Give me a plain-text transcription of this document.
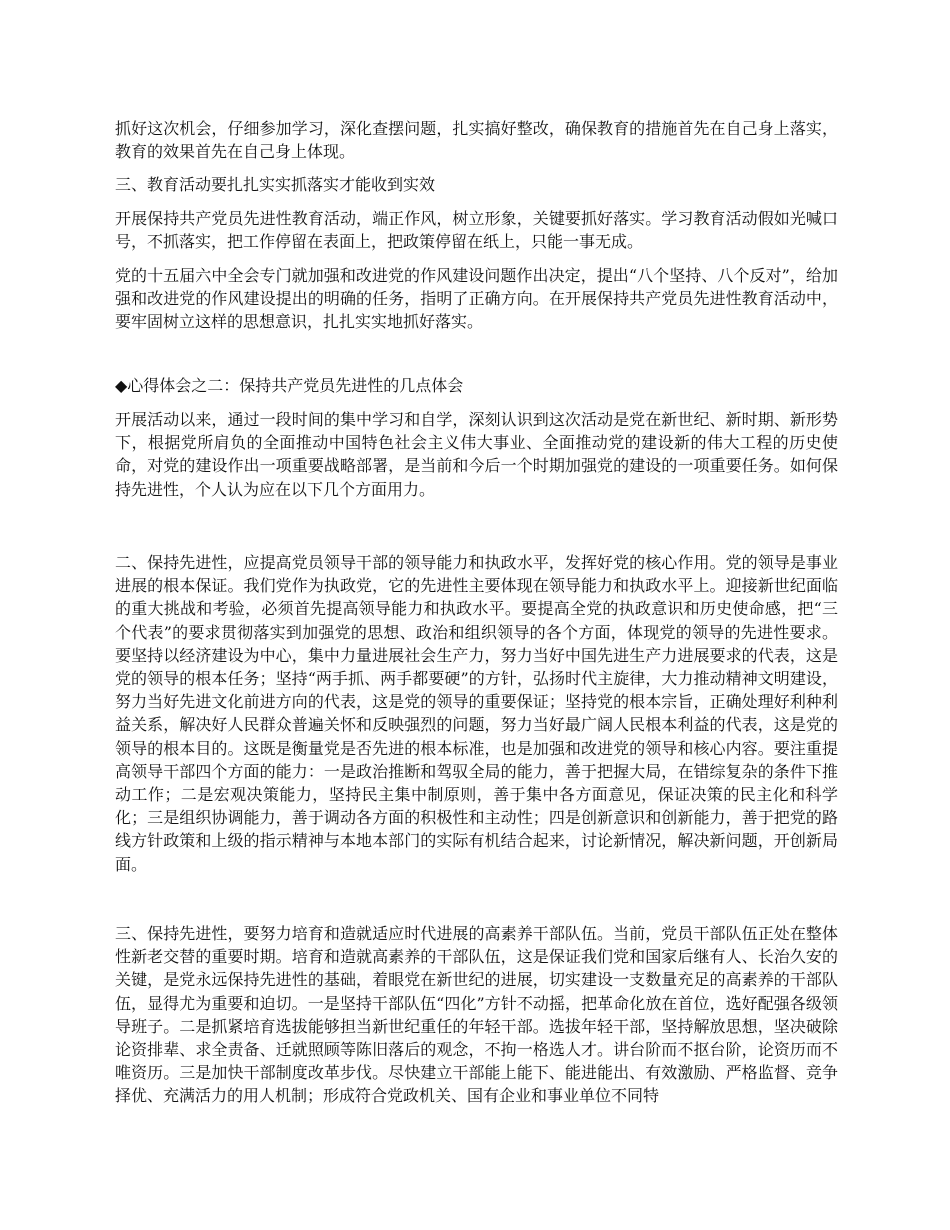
抓好这次机会，仔细参加学习，深化查摆问题，扎实搞好整改，确保教育的措施首先在自己身上落实，教育的效果首先在自己身上体现。

三、教育活动要扎扎实实抓落实才能收到实效

开展保持共产党员先进性教育活动，端正作风，树立形象，关键要抓好落实。学习教育活动假如光喊口号，不抓落实，把工作停留在表面上，把政策停留在纸上，只能一事无成。

党的十五届六中全会专门就加强和改进党的作风建设问题作出决定，提出“八个坚持、八个反对”，给加强和改进党的作风建设提出的明确的任务，指明了正确方向。在开展保持共产党员先进性教育活动中，要牢固树立这样的思想意识，扎扎实实地抓好落实。

◆心得体会之二：保持共产党员先进性的几点体会

开展活动以来，通过一段时间的集中学习和自学，深刻认识到这次活动是党在新世纪、新时期、新形势下，根据党所肩负的全面推动中国特色社会主义伟大事业、全面推动党的建设新的伟大工程的历史使命，对党的建设作出一项重要战略部署，是当前和今后一个时期加强党的建设的一项重要任务。如何保持先进性，个人认为应在以下几个方面用力。

二、保持先进性，应提高党员领导干部的领导能力和执政水平，发挥好党的核心作用。党的领导是事业进展的根本保证。我们党作为执政党，它的先进性主要体现在领导能力和执政水平上。迎接新世纪面临的重大挑战和考验，必须首先提高领导能力和执政水平。要提高全党的执政意识和历史使命感，把“三个代表”的要求贯彻落实到加强党的思想、政治和组织领导的各个方面，体现党的领导的先进性要求。要坚持以经济建设为中心，集中力量进展社会生产力，努力当好中国先进生产力进展要求的代表，这是党的领导的根本任务；坚持“两手抓、两手都要硬”的方针，弘扬时代主旋律，大力推动精神文明建设，努力当好先进文化前进方向的代表，这是党的领导的重要保证；坚持党的根本宗旨，正确处理好利种利益关系，解决好人民群众普遍关怀和反映强烈的问题，努力当好最广阔人民根本利益的代表，这是党的领导的根本目的。这既是衡量党是否先进的根本标准，也是加强和改进党的领导和核心内容。要注重提高领导干部四个方面的能力：一是政治推断和驾驭全局的能力，善于把握大局，在错综复杂的条件下推动工作；二是宏观决策能力，坚持民主集中制原则，善于集中各方面意见，保证决策的民主化和科学化；三是组织协调能力，善于调动各方面的积极性和主动性；四是创新意识和创新能力，善于把党的路线方针政策和上级的指示精神与本地本部门的实际有机结合起来，讨论新情况，解决新问题，开创新局面。

三、保持先进性，要努力培育和造就适应时代进展的高素养干部队伍。当前，党员干部队伍正处在整体性新老交替的重要时期。培育和造就高素养的干部队伍，这是保证我们党和国家后继有人、长治久安的关键，是党永远保持先进性的基础，着眼党在新世纪的进展，切实建设一支数量充足的高素养的干部队伍，显得尤为重要和迫切。一是坚持干部队伍“四化”方针不动摇，把革命化放在首位，选好配强各级领导班子。二是抓紧培育选拔能够担当新世纪重任的年轻干部。选拔年轻干部，坚持解放思想，坚决破除论资排辈、求全责备、迁就照顾等陈旧落后的观念，不拘一格选人才。讲台阶而不抠台阶，论资历而不唯资历。三是加快干部制度改革步伐。尽快建立干部能上能下、能进能出、有效激励、严格监督、竞争择优、充满活力的用人机制；形成符合党政机关、国有企业和事业单位不同特
